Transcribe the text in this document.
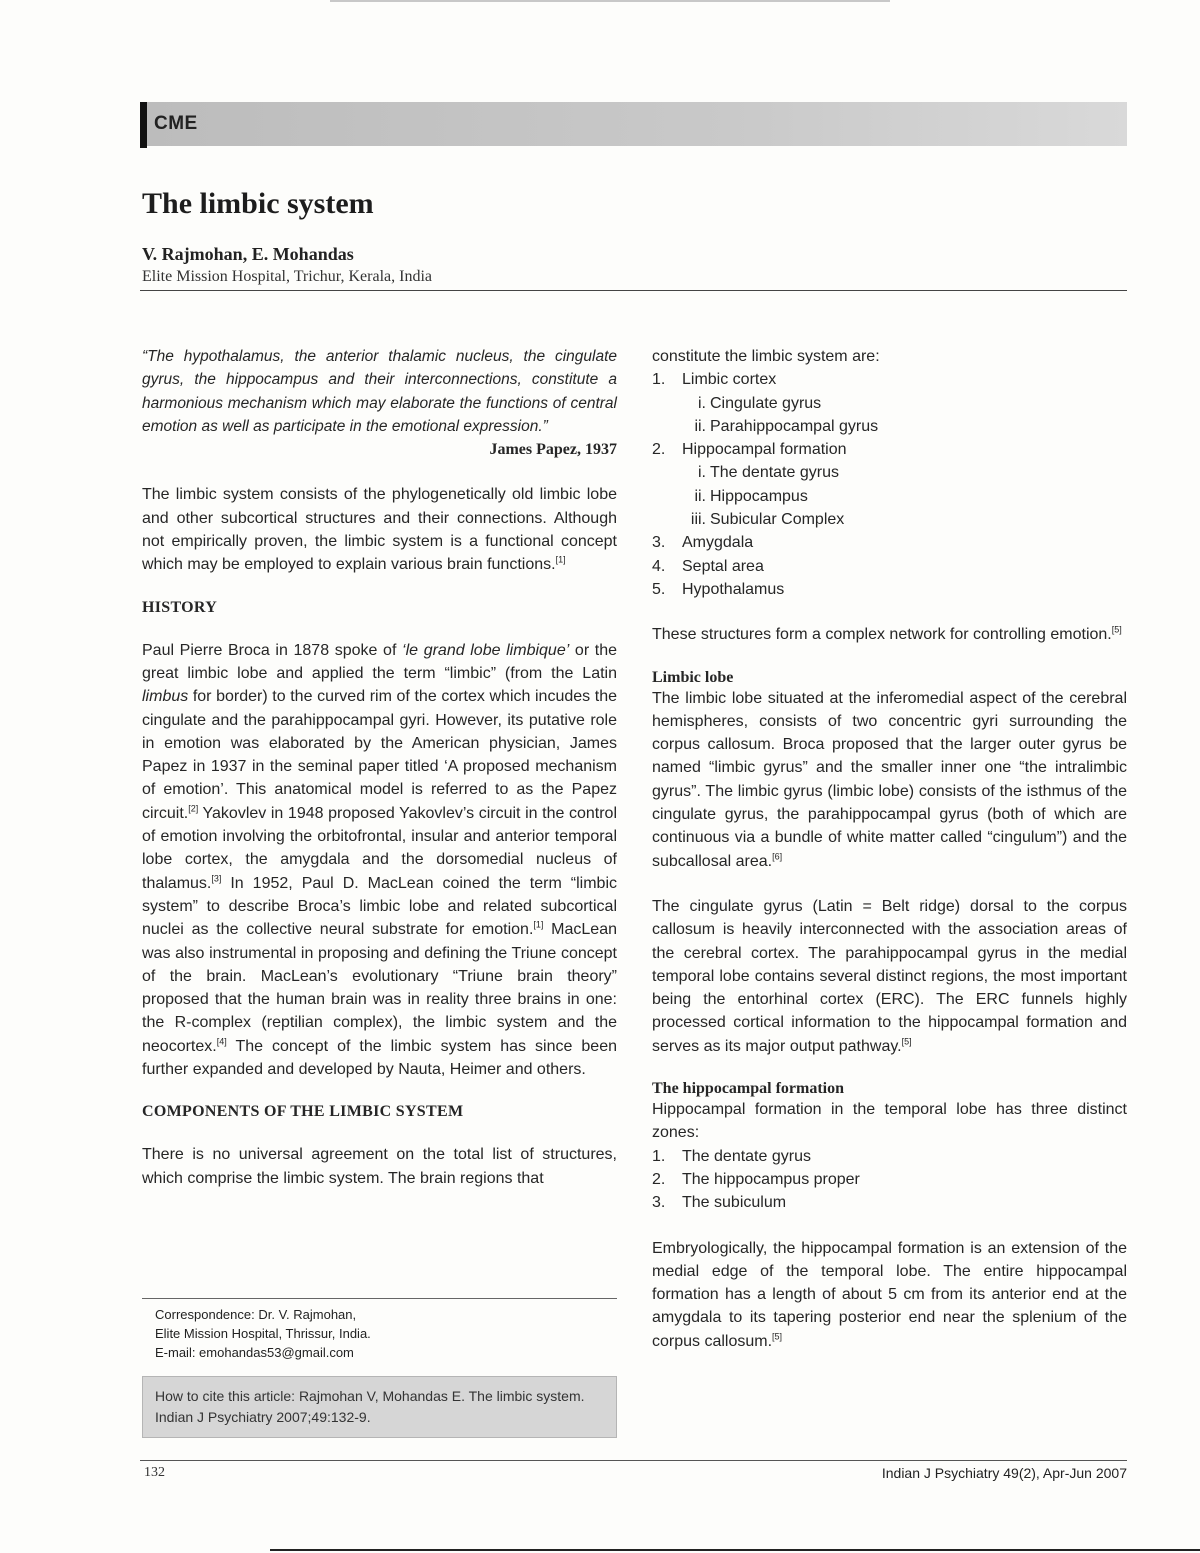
CME
The limbic system
V. Rajmohan, E. Mohandas
Elite Mission Hospital, Trichur, Kerala, India

“The hypothalamus, the anterior thalamic nucleus, the cingulate gyrus, the hippocampus and their interconnections, constitute a harmonious mechanism which may elaborate the functions of central emotion as well as participate in the emotional expression.”

James Papez, 1937

The limbic system consists of the phylogenetically old limbic lobe and other subcortical structures and their connections. Although not empirically proven, the limbic system is a functional concept which may be employed to explain various brain functions.[1]

HISTORY

Paul Pierre Broca in 1878 spoke of ‘le grand lobe limbique’ or the great limbic lobe and applied the term “limbic” (from the Latin limbus for border) to the curved rim of the cortex which incudes the cingulate and the parahippocampal gyri. However, its putative role in emotion was elaborated by the American physician, James Papez in 1937 in the seminal paper titled ‘A proposed mechanism of emotion’. This anatomical model is referred to as the Papez circuit.[2] Yakovlev in 1948 proposed Yakovlev’s circuit in the control of emotion involving the orbitofrontal, insular and anterior temporal lobe cortex, the amygdala and the dorsomedial nucleus of thalamus.[3] In 1952, Paul D. MacLean coined the term “limbic system” to describe Broca’s limbic lobe and related subcortical nuclei as the collective neural substrate for emotion.[1] MacLean was also instrumental in proposing and defining the Triune concept of the brain. MacLean’s evolutionary “Triune brain theory” proposed that the human brain was in reality three brains in one: the R-complex (reptilian complex), the limbic system and the neocortex.[4] The concept of the limbic system has since been further expanded and developed by Nauta, Heimer and others.

COMPONENTS OF THE LIMBIC SYSTEM

There is no universal agreement on the total list of structures, which comprise the limbic system. The brain regions that

Correspondence: Dr. V. Rajmohan,
Elite Mission Hospital, Thrissur, India.
E-mail: emohandas53@gmail.com
How to cite this article: Rajmohan V, Mohandas E. The limbic system. Indian J Psychiatry 2007;49:132-9.

constitute the limbic system are:

1. Limbic cortex
i. Cingulate gyrus
ii. Parahippocampal gyrus
2. Hippocampal formation
i. The dentate gyrus
ii. Hippocampus
iii. Subicular Complex
3. Amygdala
4. Septal area
5. Hypothalamus

These structures form a complex network for controlling emotion.[5]

Limbic lobe

The limbic lobe situated at the inferomedial aspect of the cerebral hemispheres, consists of two concentric gyri surrounding the corpus callosum. Broca proposed that the larger outer gyrus be named “limbic gyrus” and the smaller inner one “the intralimbic gyrus”. The limbic gyrus (limbic lobe) consists of the isthmus of the cingulate gyrus, the parahippocampal gyrus (both of which are continuous via a bundle of white matter called “cingulum”) and the subcallosal area.[6]

The cingulate gyrus (Latin = Belt ridge) dorsal to the corpus callosum is heavily interconnected with the association areas of the cerebral cortex. The parahippocampal gyrus in the medial temporal lobe contains several distinct regions, the most important being the entorhinal cortex (ERC). The ERC funnels highly processed cortical information to the hippocampal formation and serves as its major output pathway.[5]

The hippocampal formation

Hippocampal formation in the temporal lobe has three distinct zones:

1. The dentate gyrus
2. The hippocampus proper
3. The subiculum

Embryologically, the hippocampal formation is an extension of the medial edge of the temporal lobe. The entire hippocampal formation has a length of about 5 cm from its anterior end at the amygdala to its tapering posterior end near the splenium of the corpus callosum.[5]

132	Indian J Psychiatry 49(2), Apr-Jun 2007
